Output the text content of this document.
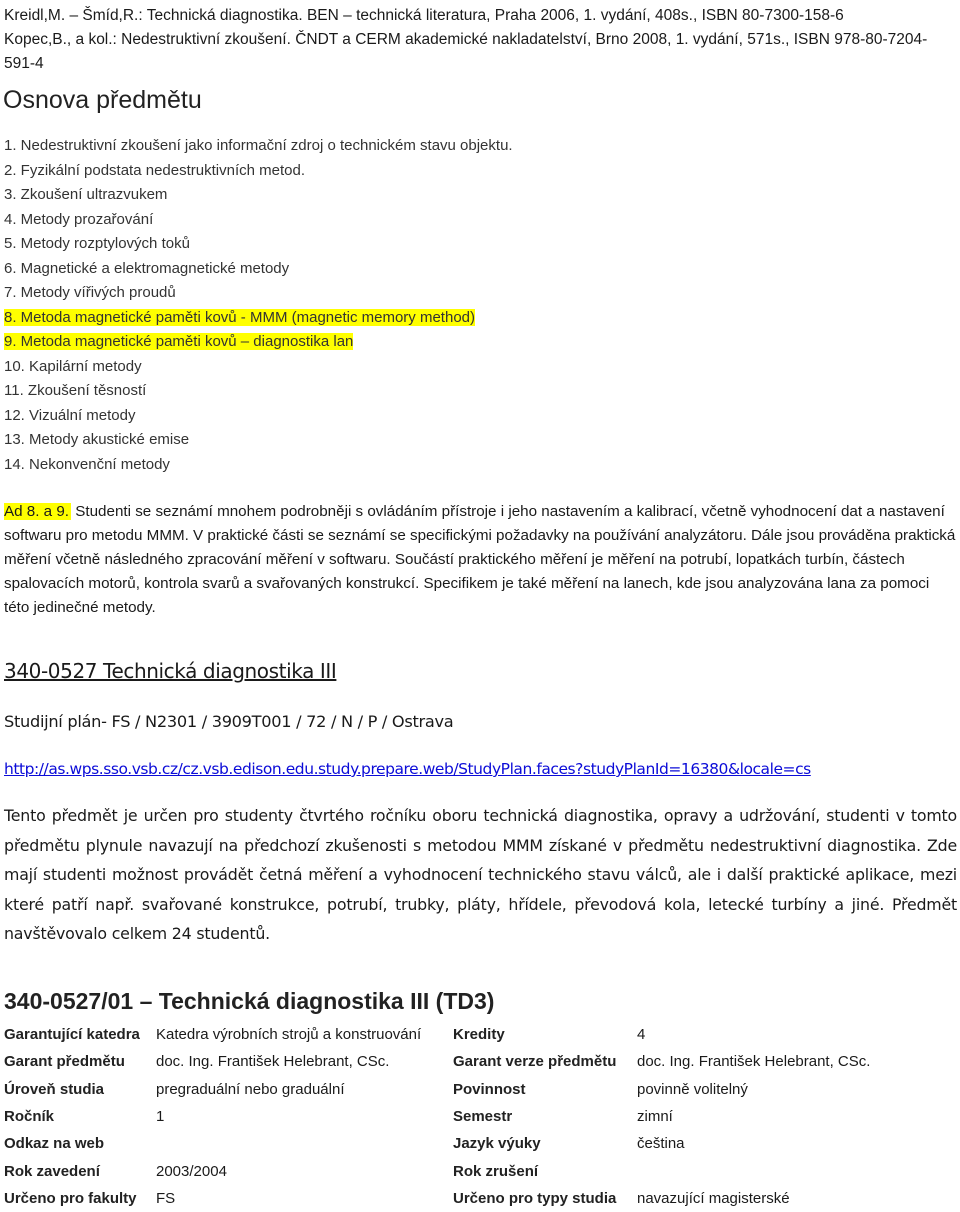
Kreidl,M. – Šmíd,R.: Technická diagnostika. BEN – technická literatura, Praha 2006, 1. vydání, 408s., ISBN 80-7300-158-6

Kopec,B., a kol.: Nedestruktivní zkoušení. ČNDT a CERM akademické nakladatelství, Brno 2008, 1. vydání, 571s., ISBN 978-80-7204-591-4

Osnova předmětu
1. Nedestruktivní zkoušení jako informační zdroj o technickém stavu objektu.
2. Fyzikální podstata nedestruktivních metod.
3. Zkoušení ultrazvukem
4. Metody prozařování
5. Metody rozptylových toků
6. Magnetické a elektromagnetické metody
7. Metody vířivých proudů
8. Metoda magnetické paměti kovů - MMM (magnetic memory method)
9. Metoda magnetické paměti kovů – diagnostika lan
10. Kapilární metody
11. Zkoušení těsností
12. Vizuální metody
13. Metody akustické emise
14. Nekonvenční metody

Ad 8. a 9. Studenti se seznámí mnohem podrobněji s ovládáním přístroje i jeho nastavením a kalibrací, včetně vyhodnocení dat a nastavení softwaru pro metodu MMM. V praktické části se seznámí se specifickými požadavky na používání analyzátoru. Dále jsou prováděna praktická měření včetně následného zpracování měření v softwaru. Součástí praktického měření je měření na potrubí, lopatkách turbín, částech spalovacích motorů, kontrola svarů a svařovaných konstrukcí. Specifikem je také měření na lanech, kde jsou analyzována lana za pomoci této jedinečné metody.

340-0527 Technická diagnostika III

Studijní plán- FS / N2301 / 3909T001 / 72 / N / P / Ostrava

http://as.wps.sso.vsb.cz/cz.vsb.edison.edu.study.prepare.web/StudyPlan.faces?studyPlanId=16380&locale=cs

Tento předmět je určen pro studenty čtvrtého ročníku oboru technická diagnostika, opravy a udržování, studenti v tomto předmětu plynule navazují na předchozí zkušenosti s metodou MMM získané v předmětu nedestruktivní diagnostika. Zde mají studenti možnost provádět četná měření a vyhodnocení technického stavu válců, ale i další praktické aplikace, mezi které patří např. svařované konstrukce, potrubí, trubky, pláty, hřídele, převodová kola, letecké turbíny a jiné. Předmět navštěvovalo celkem 24 studentů.

340-0527/01 – Technická diagnostika III (TD3)
Garantující katedra	Katedra výrobních strojů a konstruování	Kredity	4
Garant předmětu	doc. Ing. František Helebrant, CSc.	Garant verze předmětu	doc. Ing. František Helebrant, CSc.
Úroveň studia	pregraduální nebo graduální	Povinnost	povinně volitelný
Ročník	1	Semestr	zimní
Odkaz na web		Jazyk výuky	čeština
Rok zavedení	2003/2004	Rok zrušení	
Určeno pro fakulty	FS	Určeno pro typy studia	navazující magisterské
